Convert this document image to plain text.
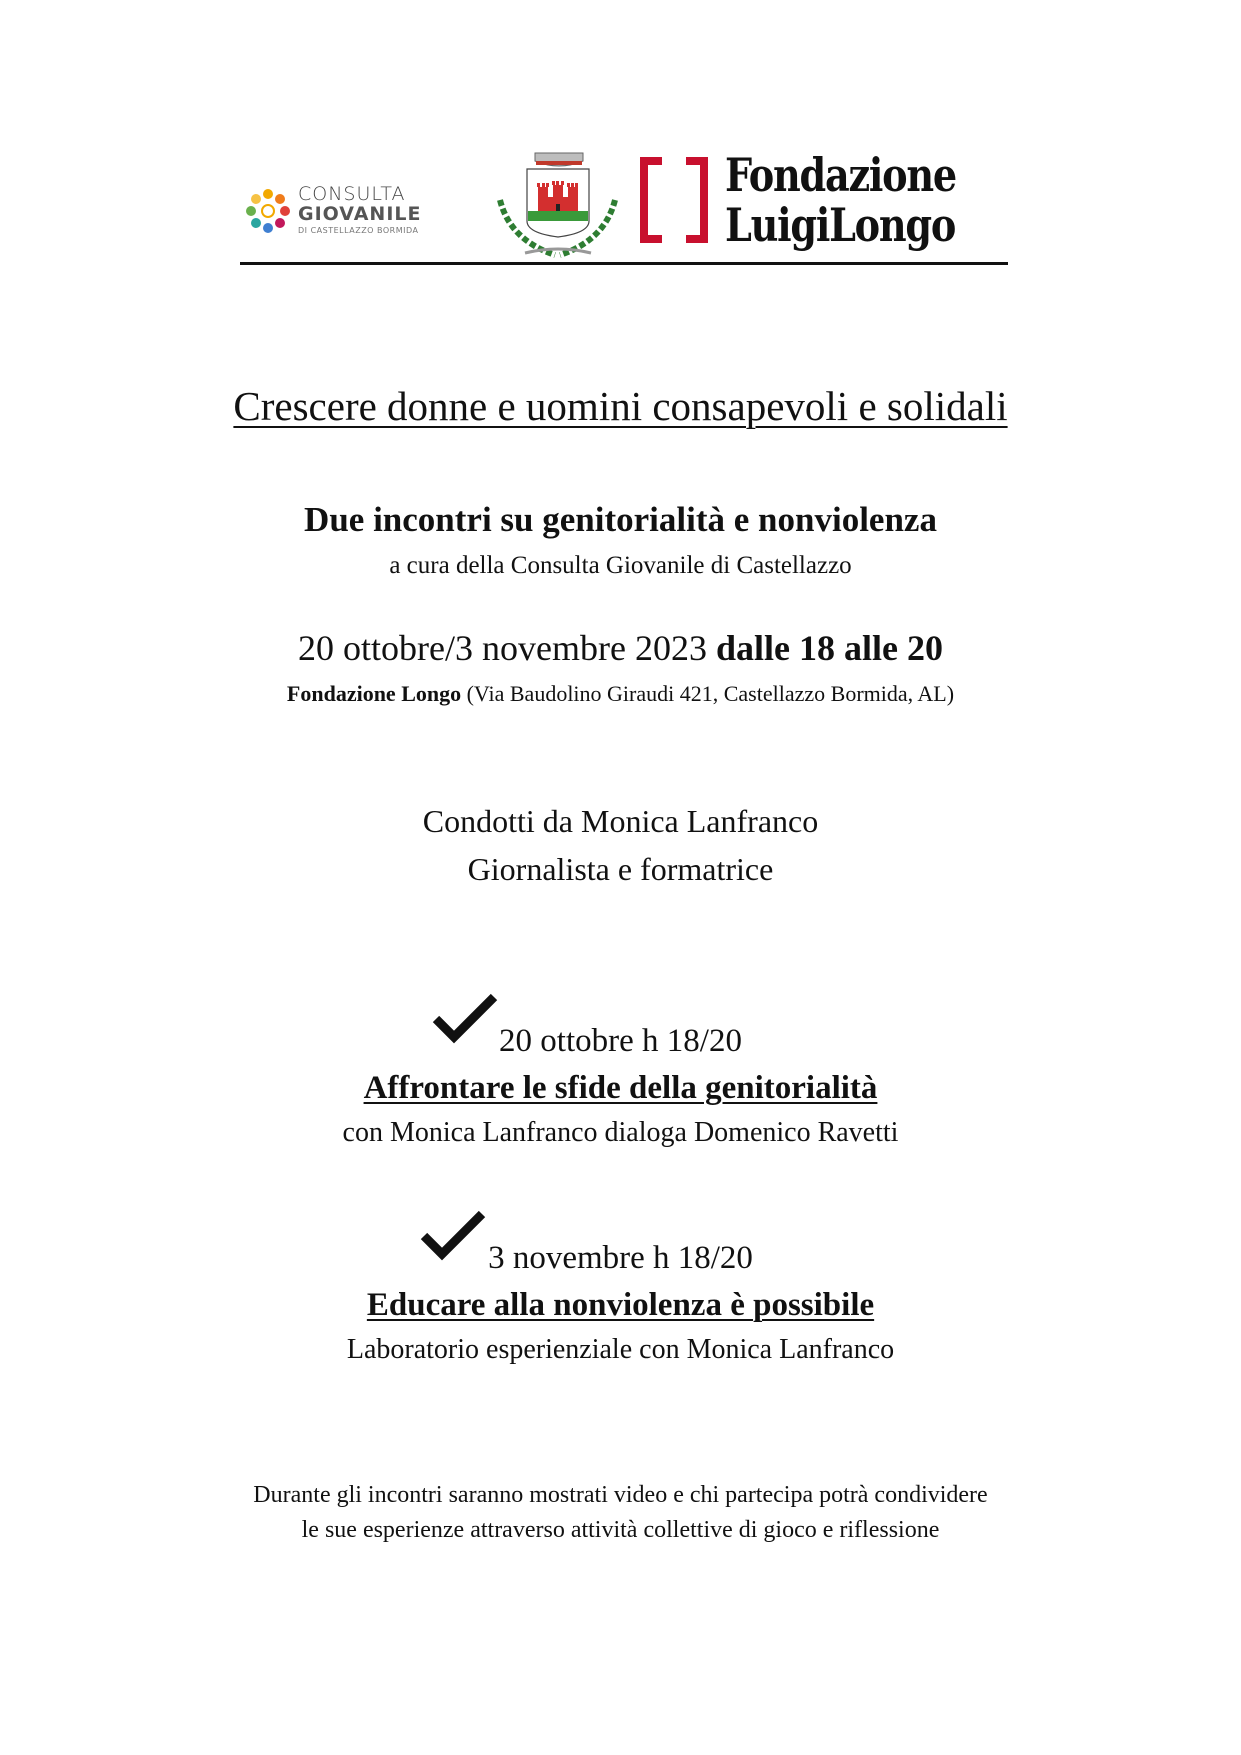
CONSULTA
GIOVANILE
DI CASTELLAZZO BORMIDA
Fondazione
LuigiLongo
Crescere donne e uomini consapevoli e solidali
Due incontri su genitorialità e nonviolenza
a cura della Consulta Giovanile di Castellazzo
20 ottobre/3 novembre 2023 dalle 18 alle 20
Fondazione Longo (Via Baudolino Giraudi 421, Castellazzo Bormida, AL)
Condotti da Monica Lanfranco
Giornalista e formatrice
20 ottobre h 18/20
Affrontare le sfide della genitorialità
con Monica Lanfranco dialoga Domenico Ravetti
3 novembre h 18/20
Educare alla nonviolenza è possibile
Laboratorio esperienziale con Monica Lanfranco
Durante gli incontri saranno mostrati video e chi partecipa potrà condividere
le sue esperienze attraverso attività collettive di gioco e riflessione
